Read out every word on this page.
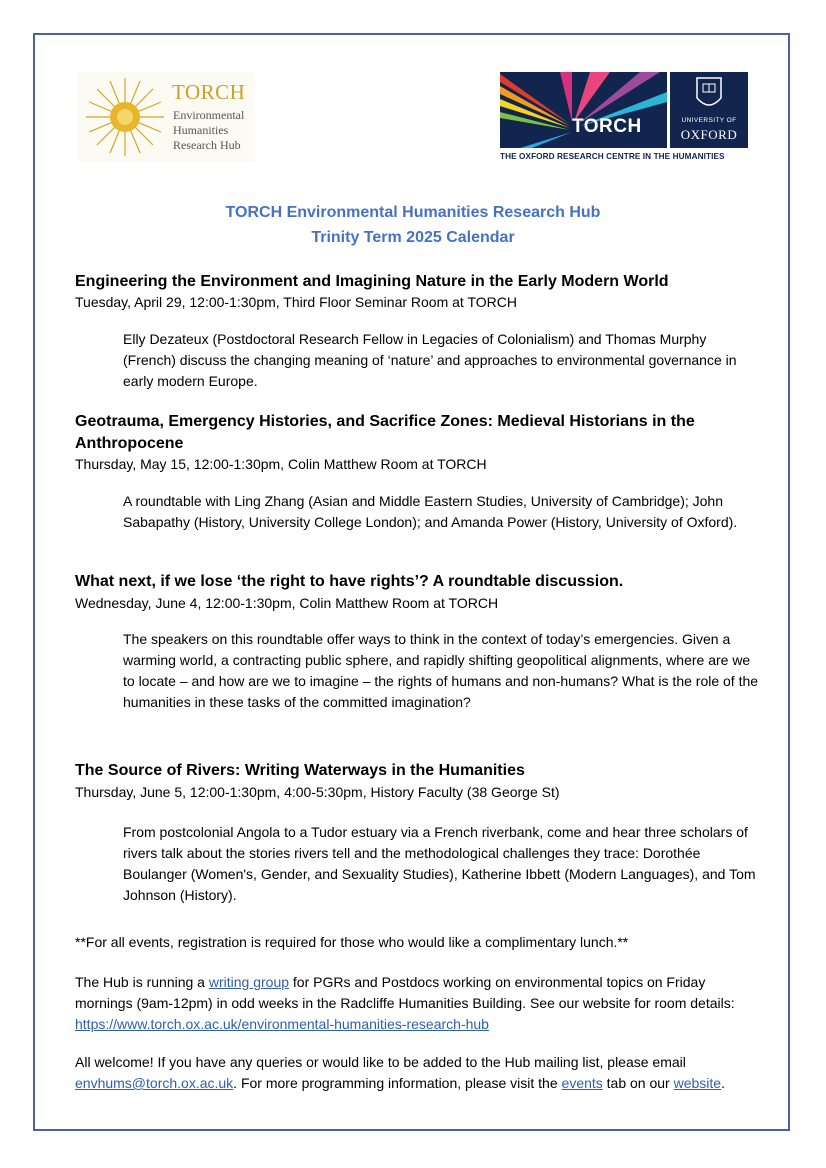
TORCH
Environmental
Humanities
Research Hub
TORCH	UNIVERSITY OF
OXFORD
THE OXFORD RESEARCH CENTRE IN THE HUMANITIES
TORCH Environmental Humanities Research Hub
Trinity Term 2025 Calendar
Engineering the Environment and Imagining Nature in the Early Modern World
Tuesday, April 29, 12:00-1:30pm, Third Floor Seminar Room at TORCH
Elly Dezateux (Postdoctoral Research Fellow in Legacies of Colonialism) and Thomas Murphy (French) discuss the changing meaning of ‘nature’ and approaches to environmental governance in early modern Europe.
Geotrauma, Emergency Histories, and Sacrifice Zones: Medieval Historians in the Anthropocene
Thursday, May 15, 12:00-1:30pm, Colin Matthew Room at TORCH
A roundtable with Ling Zhang (Asian and Middle Eastern Studies, University of Cambridge); John Sabapathy (History, University College London); and Amanda Power (History, University of Oxford).
What next, if we lose ‘the right to have rights’? A roundtable discussion.
Wednesday, June 4, 12:00-1:30pm, Colin Matthew Room at TORCH
The speakers on this roundtable offer ways to think in the context of today’s emergencies. Given a warming world, a contracting public sphere, and rapidly shifting geopolitical alignments, where are we to locate – and how are we to imagine – the rights of humans and non-humans? What is the role of the humanities in these tasks of the committed imagination?
The Source of Rivers: Writing Waterways in the Humanities
Thursday, June 5, 12:00-1:30pm, 4:00-5:30pm, History Faculty (38 George St)
From postcolonial Angola to a Tudor estuary via a French riverbank, come and hear three scholars of rivers talk about the stories rivers tell and the methodological challenges they trace: Dorothée Boulanger (Women's, Gender, and Sexuality Studies), Katherine Ibbett (Modern Languages), and Tom Johnson (History).
**For all events, registration is required for those who would like a complimentary lunch.**
The Hub is running a writing group for PGRs and Postdocs working on environmental topics on Friday mornings (9am-12pm) in odd weeks in the Radcliffe Humanities Building. See our website for room details: https://www.torch.ox.ac.uk/environmental-humanities-research-hub
All welcome! If you have any queries or would like to be added to the Hub mailing list, please email envhums@torch.ox.ac.uk. For more programming information, please visit the events tab on our website.
